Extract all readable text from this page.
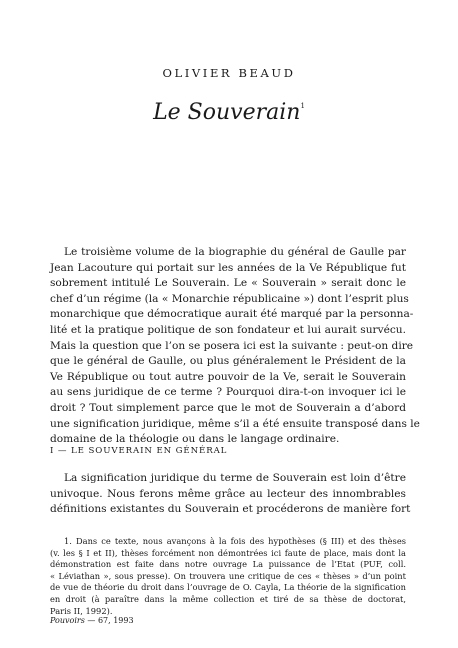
OLIVIER BEAUD
Le Souverain$^1$
Le troisième volume de la biographie du général de Gaulle par
Jean Lacouture qui portait sur les années de la Ve République fut
sobrement intitulé Le Souverain. Le « Souverain » serait donc le
chef d’un régime (la « Monarchie républicaine ») dont l’esprit plus
monarchique que démocratique aurait été marqué par la personna-
lité et la pratique politique de son fondateur et lui aurait survécu.
Mais la question que l’on se posera ici est la suivante : peut-on dire
que le général de Gaulle, ou plus généralement le Président de la
Ve République ou tout autre pouvoir de la Ve, serait le Souverain
au sens juridique de ce terme ? Pourquoi dira-t-on invoquer ici le
droit ? Tout simplement parce que le mot de Souverain a d’abord
une signification juridique, même s’il a été ensuite transposé dans le
domaine de la théologie ou dans le langage ordinaire.
I — LE SOUVERAIN EN GÉNÉRAL
La signification juridique du terme de Souverain est loin d’être
univoque. Nous ferons même grâce au lecteur des innombrables
définitions existantes du Souverain et procéderons de manière fort
1. Dans ce texte, nous avançons à la fois des hypothèses (§ III) et des thèses
(v. les § I et II), thèses forcément non démontrées ici faute de place, mais dont la
démonstration est faite dans notre ouvrage La puissance de l’Etat (PUF, coll.
« Léviathan », sous presse). On trouvera une critique de ces « thèses » d’un point
de vue de théorie du droit dans l’ouvrage de O. Cayla, La théorie de la signification
en droit (à paraître dans la même collection et tiré de sa thèse de doctorat,
Paris II, 1992).
Pouvoirs — 67, 1993
